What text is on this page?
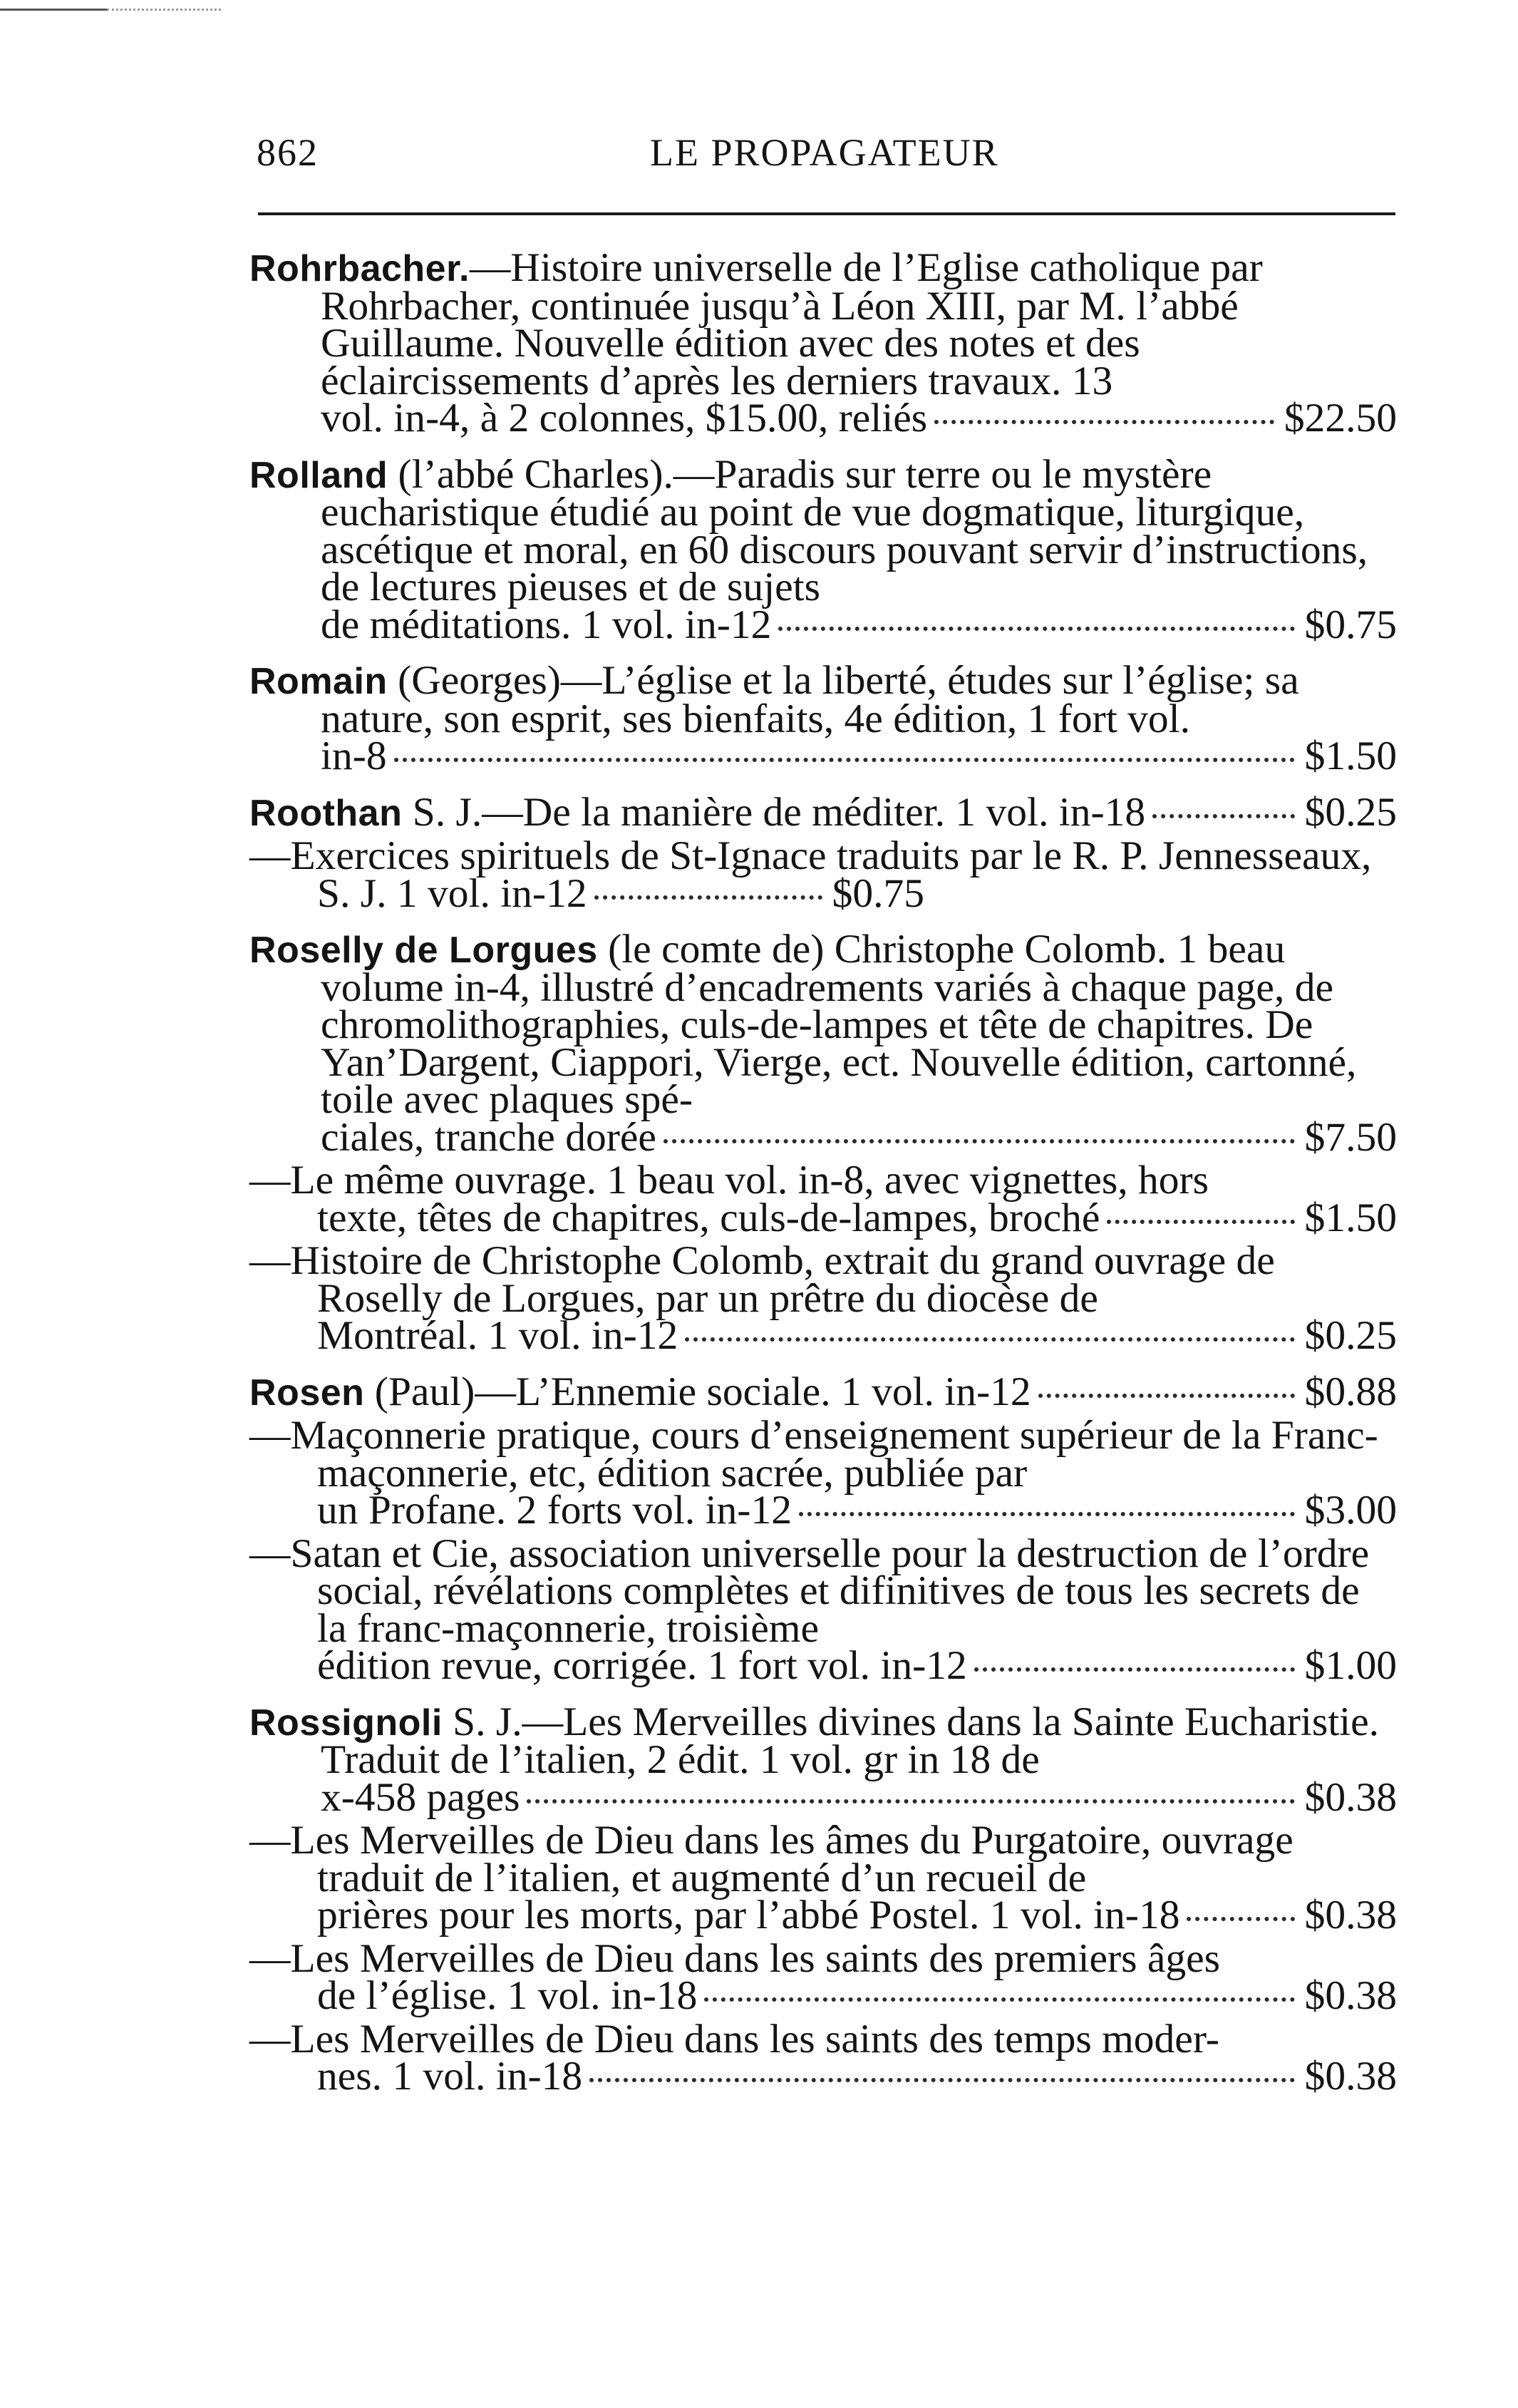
862	LE PROPAGATEUR
Rohrbacher.—Histoire universelle de l’Eglise catholique par Rohrbacher, continuée jusqu’à Léon XIII, par M. l’abbé Guillaume. Nouvelle édition avec des notes et des éclaircissements d’après les derniers travaux. 13
vol. in-4, à 2 colonnes, $15.00, reliés	$22.50
Rolland (l’abbé Charles).—Paradis sur terre ou le mystère eucharistique étudié au point de vue dogmatique, liturgique, ascétique et moral, en 60 discours pouvant servir d’instructions, de lectures pieuses et de sujets
de méditations. 1 vol. in-12	$0.75
Romain (Georges)—L’église et la liberté, études sur l’église; sa nature, son esprit, ses bienfaits, 4e édition, 1 fort vol.
in-8	$1.50
Roothan S. J.—De la manière de méditer. 1 vol. in-18	$0.25
—Exercices spirituels de St-Ignace traduits par le R. P. Jennesseaux, S. J. 1 vol. in-12	$0.75
Roselly de Lorgues (le comte de) Christophe Colomb. 1 beau volume in-4, illustré d’encadrements variés à chaque page, de chromolithographies, culs-de-lampes et tête de chapitres. De Yan’Dargent, Ciappori, Vierge, ect. Nouvelle édition, cartonné, toile avec plaques spé-
ciales, tranche dorée	$7.50
—Le même ouvrage. 1 beau vol. in-8, avec vignettes, hors
texte, têtes de chapitres, culs-de-lampes, broché	$1.50
—Histoire de Christophe Colomb, extrait du grand ouvrage de Roselly de Lorgues, par un prêtre du diocèse de
Montréal. 1 vol. in-12	$0.25
Rosen (Paul)—L’Ennemie sociale. 1 vol. in-12	$0.88
—Maçonnerie pratique, cours d’enseignement supérieur de la Franc-maçonnerie, etc, édition sacrée, publiée par
un Profane. 2 forts vol. in-12	$3.00
—Satan et Cie, association universelle pour la destruction de l’ordre social, révélations complètes et difinitives de tous les secrets de la franc-maçonnerie, troisième
édition revue, corrigée. 1 fort vol. in-12	$1.00
Rossignoli S. J.—Les Merveilles divines dans la Sainte Eucharistie. Traduit de l’italien, 2 édit. 1 vol. gr in 18 de
x-458 pages	$0.38
—Les Merveilles de Dieu dans les âmes du Purgatoire, ouvrage traduit de l’italien, et augmenté d’un recueil de
prières pour les morts, par l’abbé Postel. 1 vol. in-18	$0.38
—Les Merveilles de Dieu dans les saints des premiers âges
de l’église. 1 vol. in-18	$0.38
—Les Merveilles de Dieu dans les saints des temps moder-
nes. 1 vol. in-18	$0.38
